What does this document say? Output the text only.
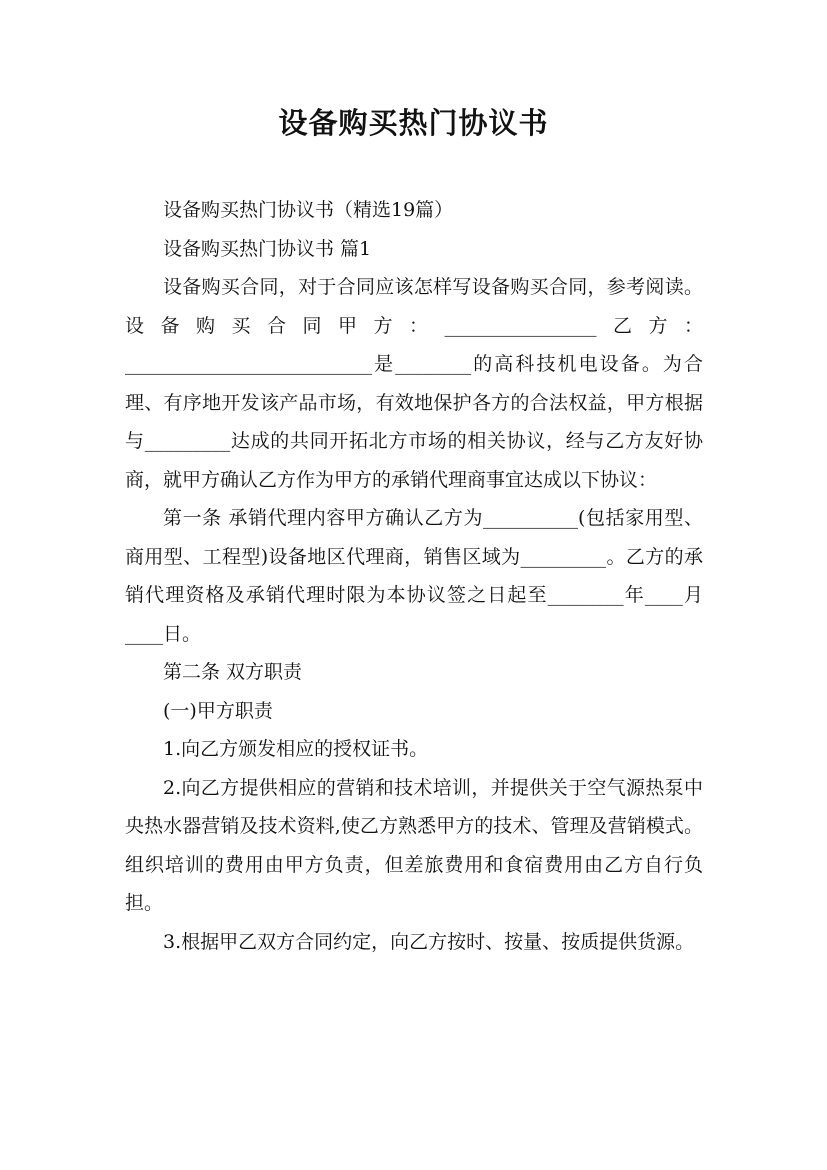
设备购买热门协议书

设备购买热门协议书（精选19篇）

设备购买热门协议书 篇1

设备购买合同，对于合同应该怎样写设备购买合同，参考阅读。设备购买合同甲方：________________乙方：__________________________是________的高科技机电设备。为合理、有序地开发该产品市场，有效地保护各方的合法权益，甲方根据与_________达成的共同开拓北方市场的相关协议，经与乙方友好协商，就甲方确认乙方作为甲方的承销代理商事宜达成以下协议：

第一条 承销代理内容甲方确认乙方为__________(包括家用型、商用型、工程型)设备地区代理商，销售区域为_________。乙方的承销代理资格及承销代理时限为本协议签之日起至________年____月____日。

第二条 双方职责

(一)甲方职责

1.向乙方颁发相应的授权证书。

2.向乙方提供相应的营销和技术培训，并提供关于空气源热泵中央热水器营销及技术资料,使乙方熟悉甲方的技术、管理及营销模式。组织培训的费用由甲方负责，但差旅费用和食宿费用由乙方自行负担。

3.根据甲乙双方合同约定，向乙方按时、按量、按质提供货源。
